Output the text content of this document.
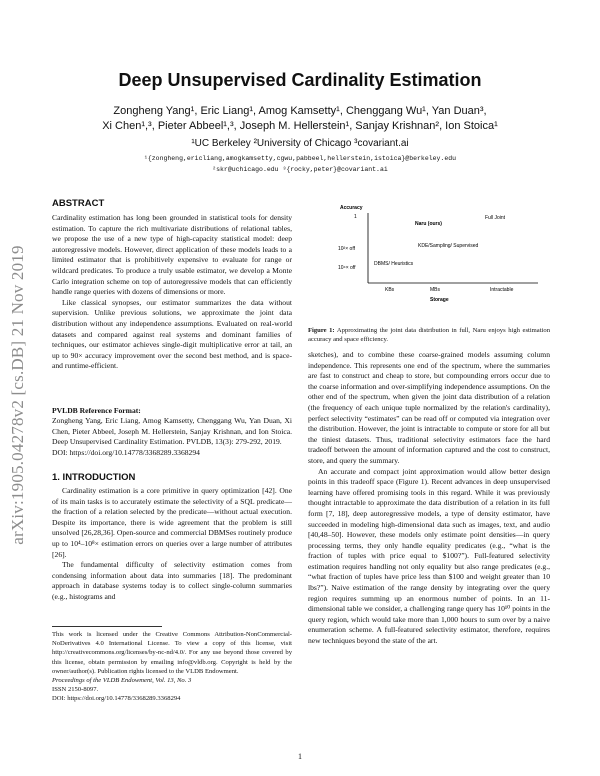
Deep Unsupervised Cardinality Estimation
Zongheng Yang¹, Eric Liang¹, Amog Kamsetty¹, Chenggang Wu¹, Yan Duan³,
Xi Chen¹,³, Pieter Abbeel¹,³, Joseph M. Hellerstein¹, Sanjay Krishnan², Ion Stoica¹
¹UC Berkeley ²University of Chicago ³covariant.ai
¹{zongheng,ericliang,amogkamsetty,cgwu,pabbeel,hellerstein,istoica}@berkeley.edu
²skr@uchicago.edu ³{rocky,peter}@covariant.ai
arXiv:1905.04278v2 [cs.DB] 21 Nov 2019
ABSTRACT

Cardinality estimation has long been grounded in statistical tools for density estimation. To capture the rich multivariate distributions of relational tables, we propose the use of a new type of high-capacity statistical model: deep autoregressive models. However, direct application of these models leads to a limited estimator that is prohibitively expensive to evaluate for range or wildcard predicates. To produce a truly usable estimator, we develop a Monte Carlo integration scheme on top of autoregressive models that can efficiently handle range queries with dozens of dimensions or more.

Like classical synopses, our estimator summarizes the data without supervision. Unlike previous solutions, we approximate the joint data distribution without any independence assumptions. Evaluated on real-world datasets and compared against real systems and dominant families of techniques, our estimator achieves single-digit multiplicative error at tail, an up to 90× accuracy improvement over the second best method, and is space- and runtime-efficient.

PVLDB Reference Format:

Zongheng Yang, Eric Liang, Amog Kamsetty, Chenggang Wu, Yan Duan, Xi Chen, Pieter Abbeel, Joseph M. Hellerstein, Sanjay Krishnan, and Ion Stoica. Deep Unsupervised Cardinality Estimation. PVLDB, 13(3): 279-292, 2019.

DOI: https://doi.org/10.14778/3368289.3368294

1. INTRODUCTION

Cardinality estimation is a core primitive in query optimization [42]. One of its main tasks is to accurately estimate the selectivity of a SQL predicate—the fraction of a relation selected by the predicate—without actual execution. Despite its importance, there is wide agreement that the problem is still unsolved [26,28,36]. Open-source and commercial DBMSes routinely produce up to 10⁴–10⁸× estimation errors on queries over a large number of attributes [26].

The fundamental difficulty of selectivity estimation comes from condensing information about data into summaries [18]. The predominant approach in database systems today is to collect single-column summaries (e.g., histograms and

This work is licensed under the Creative Commons Attribution-NonCommercial-NoDerivatives 4.0 International License. To view a copy of this license, visit http://creativecommons.org/licenses/by-nc-nd/4.0/. For any use beyond those covered by this license, obtain permission by emailing info@vldb.org. Copyright is held by the owner/author(s). Publication rights licensed to the VLDB Endowment.
Proceedings of the VLDB Endowment, Vol. 13, No. 3
ISSN 2150-8097.
DOI: https://doi.org/10.14778/3368289.3368294
Accuracy
1
10²× off
10⁴× off
KBs	MBs	Intractable
Storage
Naru (ours)
Full Joint
KDE/Sampling/ Supervised
DBMS/ Heuristics
Figure 1: Approximating the joint data distribution in full, Naru enjoys high estimation accuracy and space efficiency.

sketches), and to combine these coarse-grained models assuming column independence. This represents one end of the spectrum, where the summaries are fast to construct and cheap to store, but compounding errors occur due to the coarse information and over-simplifying independence assumptions. On the other end of the spectrum, when given the joint data distribution of a relation (the frequency of each unique tuple normalized by the relation's cardinality), perfect selectivity “estimates” can be read off or computed via integration over the distribution. However, the joint is intractable to compute or store for all but the tiniest datasets. Thus, traditional selectivity estimators face the hard tradeoff between the amount of information captured and the cost to construct, store, and query the summary.

An accurate and compact joint approximation would allow better design points in this tradeoff space (Figure 1). Recent advances in deep unsupervised learning have offered promising tools in this regard. While it was previously thought intractable to approximate the data distribution of a relation in its full form [7, 18], deep autoregressive models, a type of density estimator, have succeeded in modeling high-dimensional data such as images, text, and audio [40,48–50]. However, these models only estimate point densities—in query processing terms, they only handle equality predicates (e.g., “what is the fraction of tuples with price equal to $100?”). Full-featured selectivity estimation requires handling not only equality but also range predicates (e.g., “what fraction of tuples have price less than $100 and weight greater than 10 lbs?”). Naive estimation of the range density by integrating over the query region requires summing up an enormous number of points. In an 11-dimensional table we consider, a challenging range query has 10¹⁰ points in the query region, which would take more than 1,000 hours to sum over by a naive enumeration scheme. A full-featured selectivity estimator, therefore, requires new techniques beyond the state of the art.

1
